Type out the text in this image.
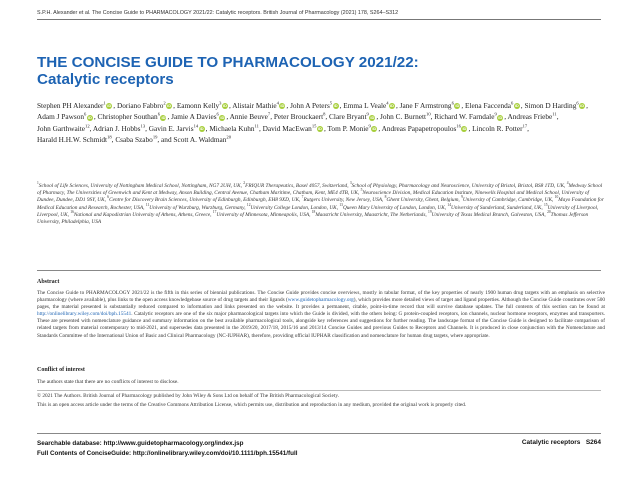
S.P.H. Alexander et al. The Concise Guide to PHARMACOLOGY 2021/22: Catalytic receptors. British Journal of Pharmacology (2021) 178, S264–S312
THE CONCISE GUIDE TO PHARMACOLOGY 2021/22:
Catalytic receptors
Stephen PH Alexander$^1$iD , Doriano Fabbro$^2$iD , Eamonn Kelly$^3$iD , Alistair Mathie$^4$iD , John A Peters$^5$iD , Emma L Veale$^4$iD , Jane F Armstrong$^6$iD , Elena Faccenda$^6$iD , Simon D Harding$^6$iD , Adam J Pawson$^6$iD , Christopher Southan$^6$iD , Jamie A Davies$^6$iD , Annie Beuve$^7$, Peter Brouckaert$^8$, Clare Bryant$^9$iD , John C. Burnett$^{10}$, Richard W. Farndale$^9$iD , Andreas Friebe$^{11}$, John Garthwaite$^{12}$, Adrian J. Hobbs$^{13}$, Gavin E. Jarvis$^{14}$iD , Michaela Kuhn$^{11}$, David MacEwan$^{15}$iD , Tom P. Monie$^9$iD , Andreas Papapetropoulos$^{16}$iD , Lincoln R. Potter$^{17}$, Harald H.H.W. Schmidt$^{18}$, Csaba Szabo$^{19}$, and Scott A. Waldman$^{20}$
$^1$School of Life Sciences, University of Nottingham Medical School, Nottingham, NG7 2UH, UK, $^2$FRIQUR Therapeutics, Basel 4057, Switzerland, $^3$School of Physiology, Pharmacology and Neuroscience, University of Bristol, Bristol, BS8 1TD, UK, $^4$Medway School of Pharmacy, The Universities of Greenwich and Kent at Medway, Anson Building, Central Avenue, Chatham Maritime, Chatham, Kent, ME4 4TB, UK, $^5$Neuroscience Division, Medical Education Institute, Ninewells Hospital and Medical School, University of Dundee, Dundee, DD1 9SY, UK, $^6$Centre for Discovery Brain Sciences, University of Edinburgh, Edinburgh, EH8 9XD, UK, $^7$Rutgers University, New Jersey, USA, $^8$Ghent University, Ghent, Belgium, $^9$University of Cambridge, Cambridge, UK, $^{10}$Mayo Foundation for Medical Education and Research, Rochester, USA, $^{11}$University of Wurzburg, Wurzburg, Germany, $^{12}$University College London, London, UK, $^{13}$Queen Mary University of London, London, UK, $^{14}$University of Sunderland, Sunderland, UK, $^{15}$University of Liverpool, Liverpool, UK, $^{16}$National and Kapodistrian University of Athens, Athens, Greece, $^{17}$University of Minnesota, Minneapolis, USA, $^{18}$Maastricht University, Maastricht, The Netherlands, $^{19}$University of Texas Medical Branch, Galveston, USA, $^{20}$Thomas Jefferson University, Philadelphia, USA
Abstract
The Concise Guide to PHARMACOLOGY 2021/22 is the fifth in this series of biennial publications. The Concise Guide provides concise overviews, mostly in tabular format, of the key properties of nearly 1900 human drug targets with an emphasis on selective pharmacology (where available), plus links to the open access knowledgebase source of drug targets and their ligands (www.guidetopharmacology.org), which provides more detailed views of target and ligand properties. Although the Concise Guide constitutes over 500 pages, the material presented is substantially reduced compared to information and links presented on the website. It provides a permanent, citable, point-in-time record that will survive database updates. The full contents of this section can be found at http://onlinelibrary.wiley.com/doi/bph.15541. Catalytic receptors are one of the six major pharmacological targets into which the Guide is divided, with the others being: G protein-coupled receptors, ion channels, nuclear hormone receptors, enzymes and transporters. These are presented with nomenclature guidance and summary information on the best available pharmacological tools, alongside key references and suggestions for further reading. The landscape format of the Concise Guide is designed to facilitate comparison of related targets from material contemporary to mid-2021, and supersedes data presented in the 2019/20, 2017/18, 2015/16 and 2013/14 Concise Guides and previous Guides to Receptors and Channels. It is produced in close conjunction with the Nomenclature and Standards Committee of the International Union of Basic and Clinical Pharmacology (NC-IUPHAR), therefore, providing official IUPHAR classification and nomenclature for human drug targets, where appropriate.
Conflict of interest
The authors state that there are no conflicts of interest to disclose.
© 2021 The Authors. British Journal of Pharmacology published by John Wiley & Sons Ltd on behalf of The British Pharmacological Society.
This is an open access article under the terms of the Creative Commons Attribution License, which permits use, distribution and reproduction in any medium, provided the original work is properly cited.
Searchable database: http://www.guidetopharmacology.org/index.jsp
Full Contents of ConciseGuide: http://onlinelibrary.wiley.com/doi/10.1111/bph.15541/full
Catalytic receptors S264
